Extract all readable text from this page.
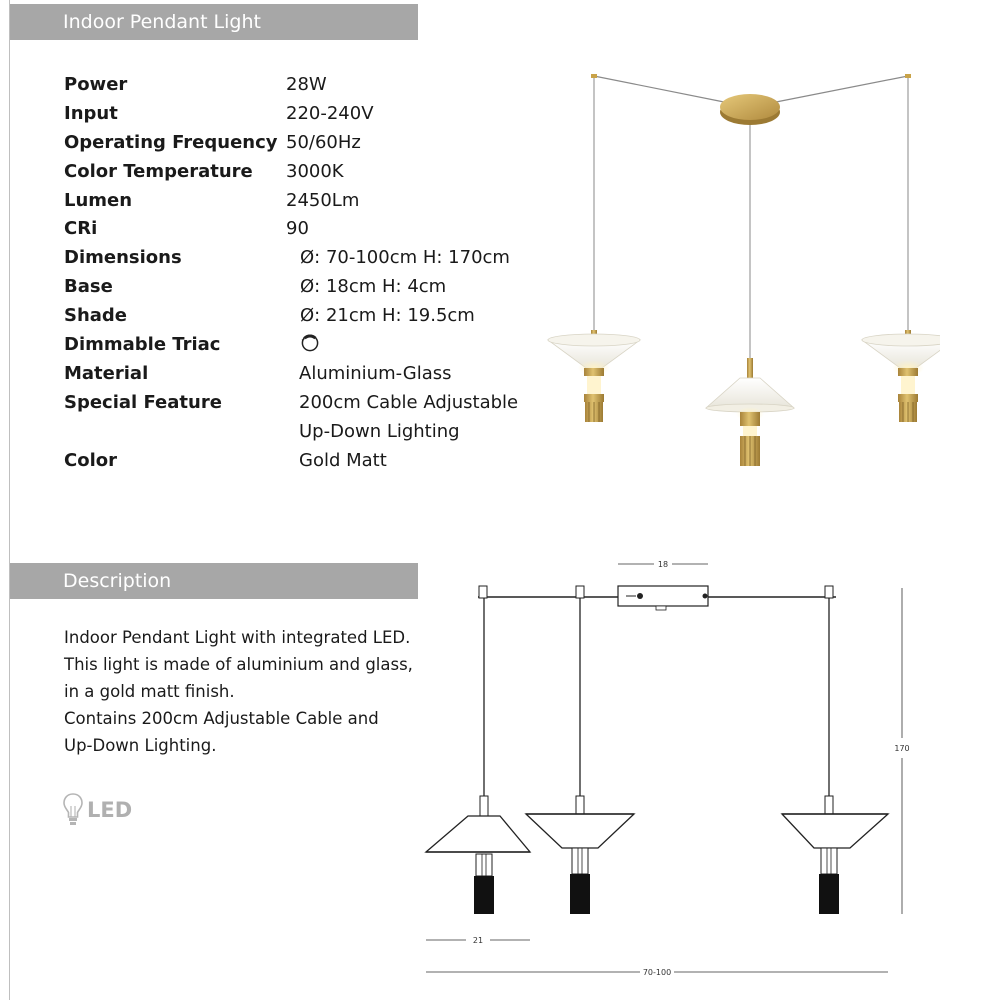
Indoor Pendant Light
Power	28W
Input	220-240V
Operating Frequency 50/60Hz
Color Temperature 3000K
Lumen	2450Lm
CRi	90
Dimensions	Ø: 70-100cm H: 170cm
Base	Ø: 18cm H: 4cm
Shade	Ø: 21cm H: 19.5cm
Dimmable Triac
Material	Aluminium-Glass
Special Feature	200cm Cable Adjustable
Up-Down Lighting
Color	Gold Matt
Description
Indoor Pendant Light with integrated LED.
This light is made of aluminium and glass,
in a gold matt finish.
Contains 200cm Adjustable Cable and
Up-Down Lighting.
LED
18
170
21
70-100
